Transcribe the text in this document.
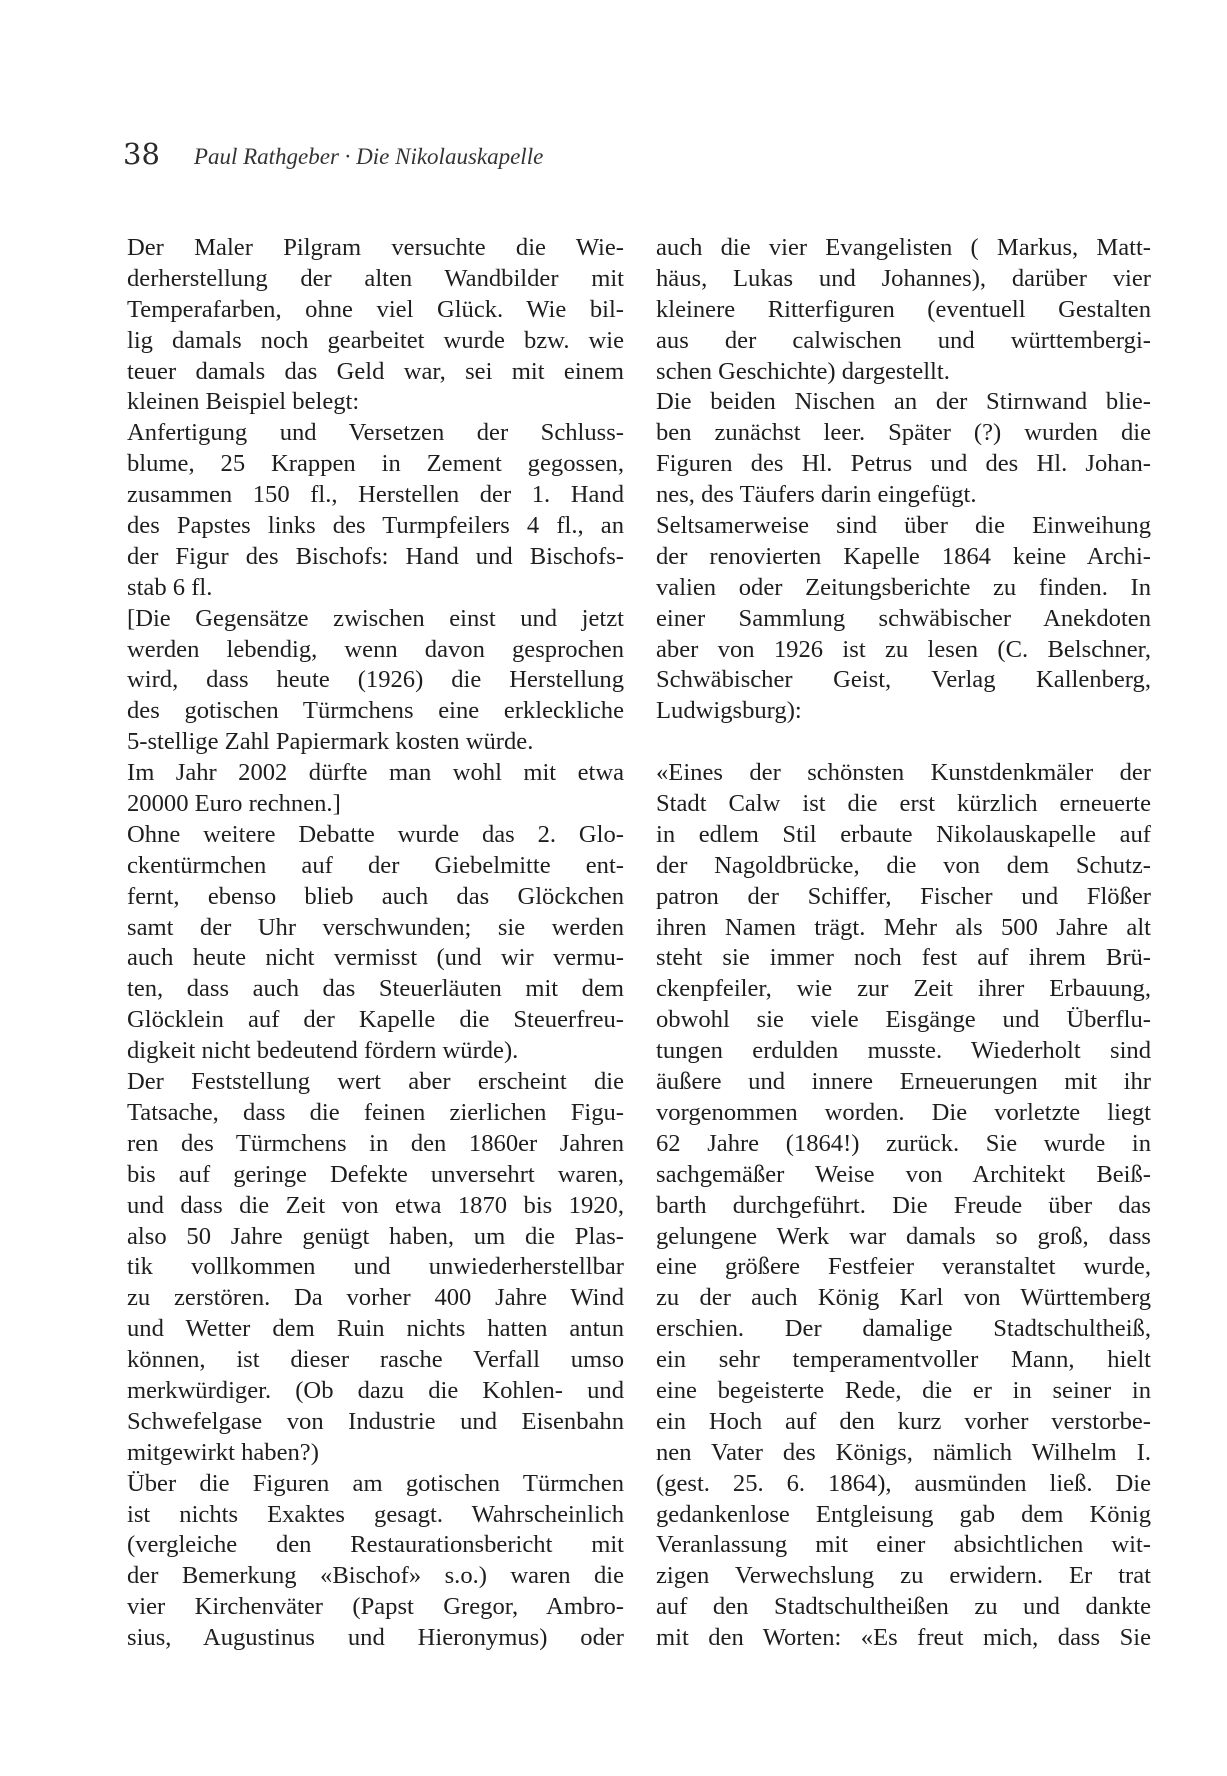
38 Paul Rathgeber · Die Nikolauskapelle
Der Maler Pilgram versuchte die Wie-
derherstellung der alten Wandbilder mit
Temperafarben, ohne viel Glück. Wie bil-
lig damals noch gearbeitet wurde bzw. wie
teuer damals das Geld war, sei mit einem
kleinen Beispiel belegt:
Anfertigung und Versetzen der Schluss-
blume, 25 Krappen in Zement gegossen,
zusammen 150 fl., Herstellen der 1. Hand
des Papstes links des Turmpfeilers 4 fl., an
der Figur des Bischofs: Hand und Bischofs-
stab 6 fl.
[Die Gegensätze zwischen einst und jetzt
werden lebendig, wenn davon gesprochen
wird, dass heute (1926) die Herstellung
des gotischen Türmchens eine erkleckliche
5-stellige Zahl Papiermark kosten würde.
Im Jahr 2002 dürfte man wohl mit etwa
20000 Euro rechnen.]
Ohne weitere Debatte wurde das 2. Glo-
ckentürmchen auf der Giebelmitte ent-
fernt, ebenso blieb auch das Glöckchen
samt der Uhr verschwunden; sie werden
auch heute nicht vermisst (und wir vermu-
ten, dass auch das Steuerläuten mit dem
Glöcklein auf der Kapelle die Steuerfreu-
digkeit nicht bedeutend fördern würde).
Der Feststellung wert aber erscheint die
Tatsache, dass die feinen zierlichen Figu-
ren des Türmchens in den 1860er Jahren
bis auf geringe Defekte unversehrt waren,
und dass die Zeit von etwa 1870 bis 1920,
also 50 Jahre genügt haben, um die Plas-
tik vollkommen und unwiederherstellbar
zu zerstören. Da vorher 400 Jahre Wind
und Wetter dem Ruin nichts hatten antun
können, ist dieser rasche Verfall umso
merkwürdiger. (Ob dazu die Kohlen- und
Schwefelgase von Industrie und Eisenbahn
mitgewirkt haben?)
Über die Figuren am gotischen Türmchen
ist nichts Exaktes gesagt. Wahrscheinlich
(vergleiche den Restaurationsbericht mit
der Bemerkung «Bischof» s.o.) waren die
vier Kirchenväter (Papst Gregor, Ambro-
sius, Augustinus und Hieronymus) oder
auch die vier Evangelisten ( Markus, Matt-
häus, Lukas und Johannes), darüber vier
kleinere Ritterfiguren (eventuell Gestalten
aus der calwischen und württembergi-
schen Geschichte) dargestellt.
Die beiden Nischen an der Stirnwand blie-
ben zunächst leer. Später (?) wurden die
Figuren des Hl. Petrus und des Hl. Johan-
nes, des Täufers darin eingefügt.
Seltsamerweise sind über die Einweihung
der renovierten Kapelle 1864 keine Archi-
valien oder Zeitungsberichte zu finden. In
einer Sammlung schwäbischer Anekdoten
aber von 1926 ist zu lesen (C. Belschner,
Schwäbischer Geist, Verlag Kallenberg,
Ludwigsburg):
«Eines der schönsten Kunstdenkmäler der
Stadt Calw ist die erst kürzlich erneuerte
in edlem Stil erbaute Nikolauskapelle auf
der Nagoldbrücke, die von dem Schutz-
patron der Schiffer, Fischer und Flößer
ihren Namen trägt. Mehr als 500 Jahre alt
steht sie immer noch fest auf ihrem Brü-
ckenpfeiler, wie zur Zeit ihrer Erbauung,
obwohl sie viele Eisgänge und Überflu-
tungen erdulden musste. Wiederholt sind
äußere und innere Erneuerungen mit ihr
vorgenommen worden. Die vorletzte liegt
62 Jahre (1864!) zurück. Sie wurde in
sachgemäßer Weise von Architekt Beiß-
barth durchgeführt. Die Freude über das
gelungene Werk war damals so groß, dass
eine größere Festfeier veranstaltet wurde,
zu der auch König Karl von Württemberg
erschien. Der damalige Stadtschultheiß,
ein sehr temperamentvoller Mann, hielt
eine begeisterte Rede, die er in seiner in
ein Hoch auf den kurz vorher verstorbe-
nen Vater des Königs, nämlich Wilhelm I.
(gest. 25. 6. 1864), ausmünden ließ. Die
gedankenlose Entgleisung gab dem König
Veranlassung mit einer absichtlichen wit-
zigen Verwechslung zu erwidern. Er trat
auf den Stadtschultheißen zu und dankte
mit den Worten: «Es freut mich, dass Sie
